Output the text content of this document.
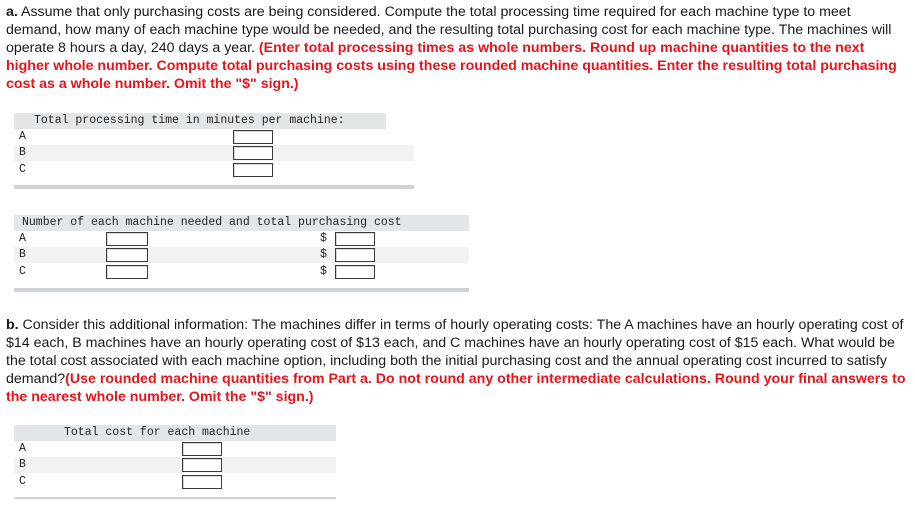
a. Assume that only purchasing costs are being considered. Compute the total processing time required for each machine type to meet demand, how many of each machine type would be needed, and the resulting total purchasing cost for each machine type. The machines will operate 8 hours a day, 240 days a year. (Enter total processing times as whole numbers. Round up machine quantities to the next higher whole number. Compute total purchasing costs using these rounded machine quantities. Enter the resulting total purchasing cost as a whole number. Omit the "$" sign.)

Total processing time in minutes per machine:
A
B
C
Number of each machine needed and total purchasing cost
A	$
B	$
C	$

b. Consider this additional information: The machines differ in terms of hourly operating costs: The A machines have an hourly operating cost of $14 each, B machines have an hourly operating cost of $13 each, and C machines have an hourly operating cost of $15 each. What would be the total cost associated with each machine option, including both the initial purchasing cost and the annual operating cost incurred to satisfy demand?(Use rounded machine quantities from Part a. Do not round any other intermediate calculations. Round your final answers to the nearest whole number. Omit the "$" sign.)

Total cost for each machine
A
B
C
